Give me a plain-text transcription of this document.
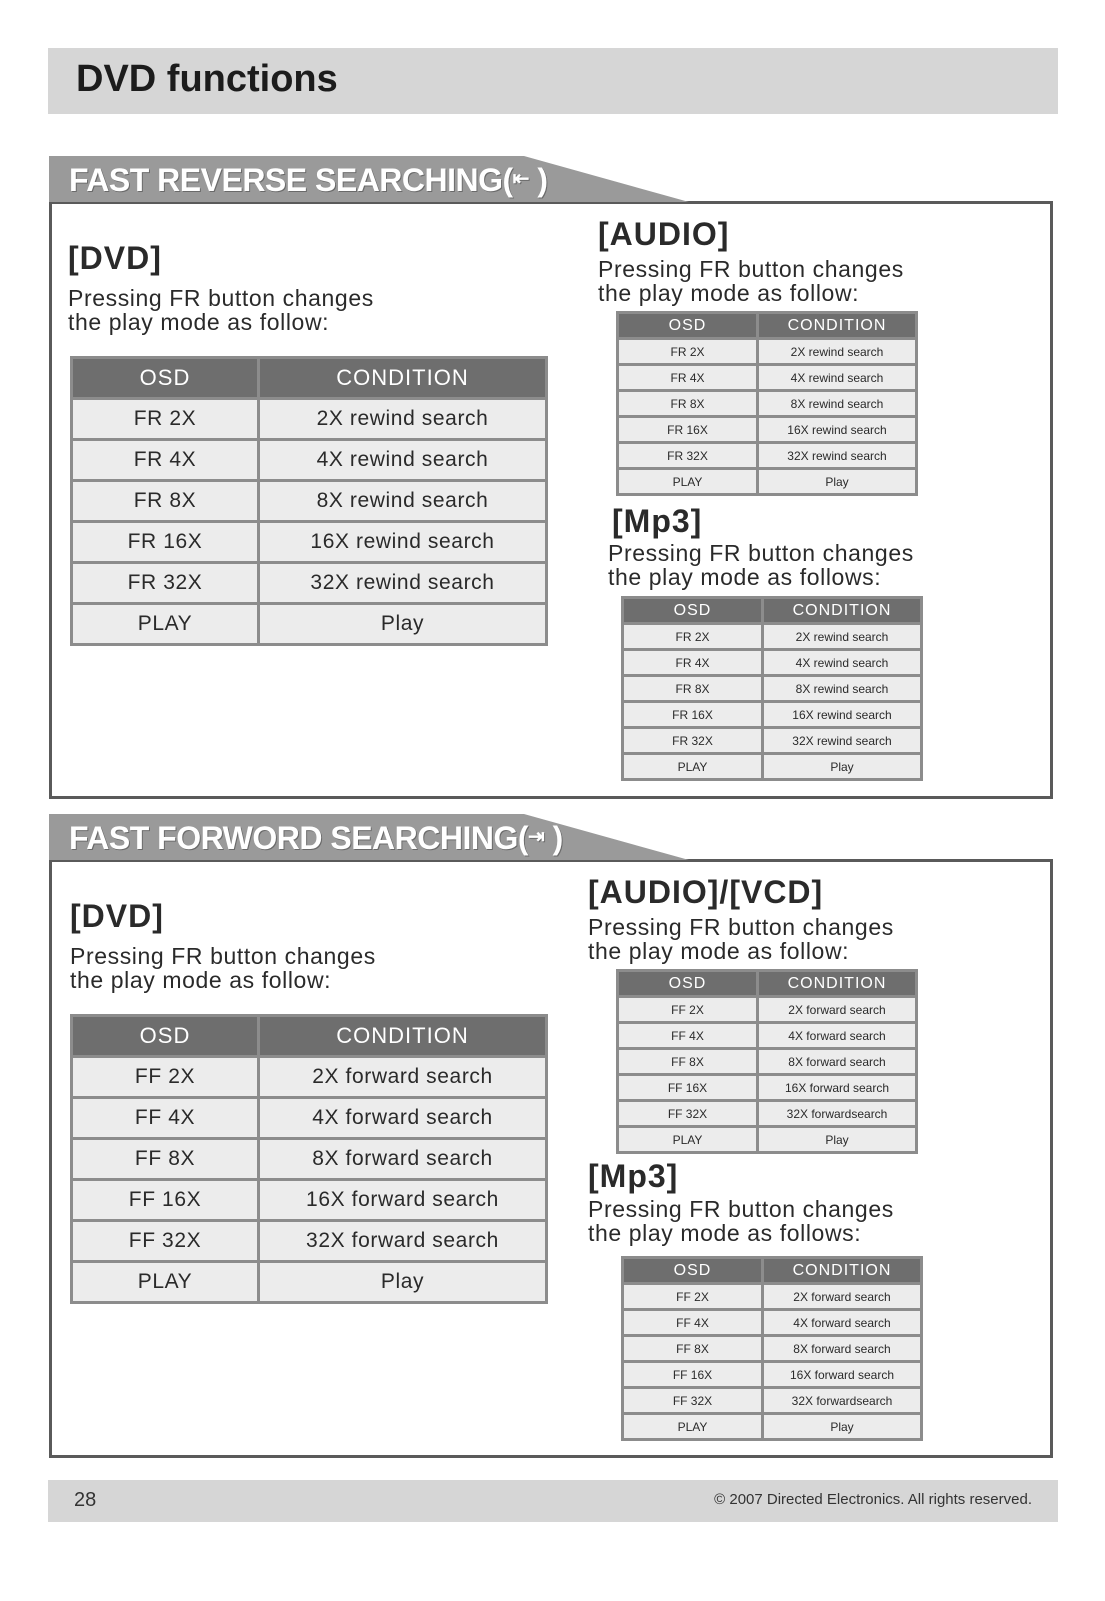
DVD functions
FAST REVERSE SEARCHING(⇤ )
[DVD]
Pressing FR button changes
the play mode as follow:
OSD	CONDITION
FR 2X	2X rewind search
FR 4X	4X rewind search
FR 8X	8X rewind search
FR 16X	16X rewind search
FR 32X	32X rewind search
PLAY	Play
[AUDIO]
Pressing FR button changes
the play mode as follow:
OSD	CONDITION
FR 2X	2X rewind search
FR 4X	4X rewind search
FR 8X	8X rewind search
FR 16X	16X rewind search
FR 32X	32X rewind search
PLAY	Play
[Mp3]
Pressing FR button changes
the play mode as follows:
OSD	CONDITION
FR 2X	2X rewind search
FR 4X	4X rewind search
FR 8X	8X rewind search
FR 16X	16X rewind search
FR 32X	32X rewind search
PLAY	Play
FAST FORWORD SEARCHING(⇥ )
[DVD]
Pressing FR button changes
the play mode as follow:
OSD	CONDITION
FF 2X	2X forward search
FF 4X	4X forward search
FF 8X	8X forward search
FF 16X	16X forward search
FF 32X	32X forward search
PLAY	Play
[AUDIO]/[VCD]
Pressing FR button changes
the play mode as follow:
OSD	CONDITION
FF 2X	2X forward search
FF 4X	4X forward search
FF 8X	8X forward search
FF 16X	16X forward search
FF 32X	32X forwardsearch
PLAY	Play
[Mp3]
Pressing FR button changes
the play mode as follows:
OSD	CONDITION
FF 2X	2X forward search
FF 4X	4X forward search
FF 8X	8X forward search
FF 16X	16X forward search
FF 32X	32X forwardsearch
PLAY	Play
28	© 2007 Directed Electronics. All rights reserved.
